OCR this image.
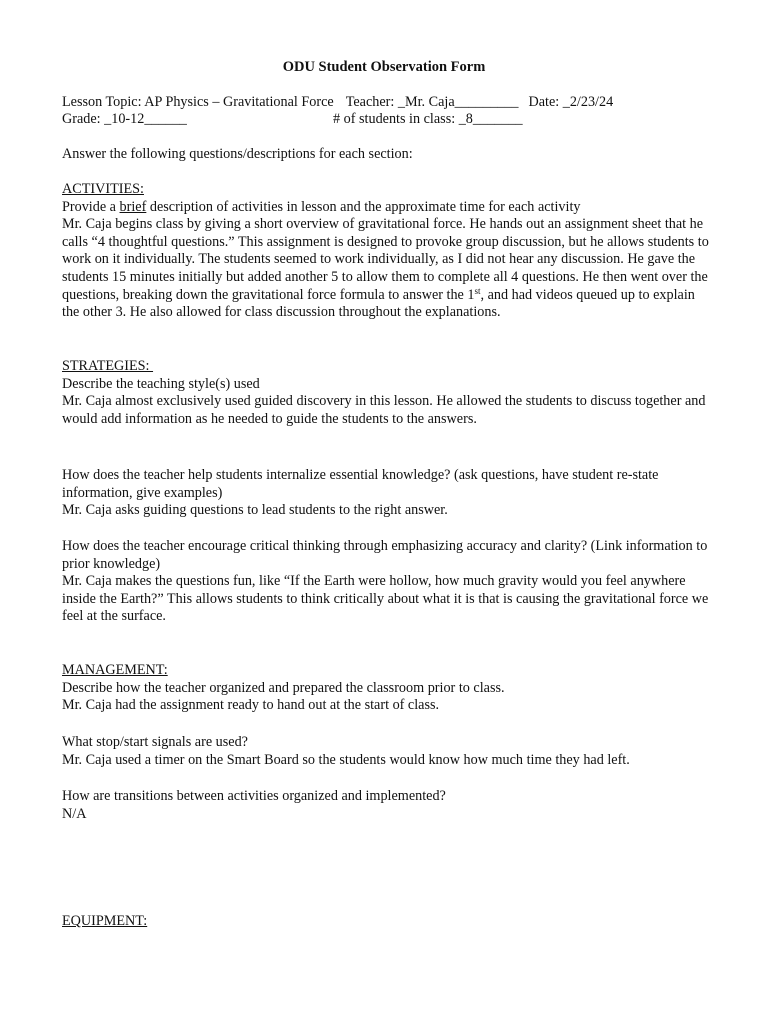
ODU Student Observation Form
Lesson Topic: AP Physics – Gravitational Force Teacher: _Mr. Caja_________ Date: _2/23/24
Grade: _10-12______	# of students in class: _8_______
Answer the following questions/descriptions for each section:

ACTIVITIES:

Provide a brief description of activities in lesson and the approximate time for each activity

Mr. Caja begins class by giving a short overview of gravitational force. He hands out an assignment sheet that he calls “4 thoughtful questions.” This assignment is designed to provoke group discussion, but he allows students to work on it individually. The students seemed to work individually, as I did not hear any discussion. He gave the students 15 minutes initially but added another 5 to allow them to complete all 4 questions. He then went over the questions, breaking down the gravitational force formula to answer the 1st, and had videos queued up to explain the other 3. He also allowed for class discussion throughout the explanations.

STRATEGIES:

Describe the teaching style(s) used

Mr. Caja almost exclusively used guided discovery in this lesson. He allowed the students to discuss together and would add information as he needed to guide the students to the answers.

How does the teacher help students internalize essential knowledge? (ask questions, have student re-state information, give examples)

Mr. Caja asks guiding questions to lead students to the right answer.

How does the teacher encourage critical thinking through emphasizing accuracy and clarity? (Link information to prior knowledge)

Mr. Caja makes the questions fun, like “If the Earth were hollow, how much gravity would you feel anywhere inside the Earth?” This allows students to think critically about what it is that is causing the gravitational force we feel at the surface.

MANAGEMENT:

Describe how the teacher organized and prepared the classroom prior to class.

Mr. Caja had the assignment ready to hand out at the start of class.

What stop/start signals are used?

Mr. Caja used a timer on the Smart Board so the students would know how much time they had left.

How are transitions between activities organized and implemented?

N/A

EQUIPMENT:
